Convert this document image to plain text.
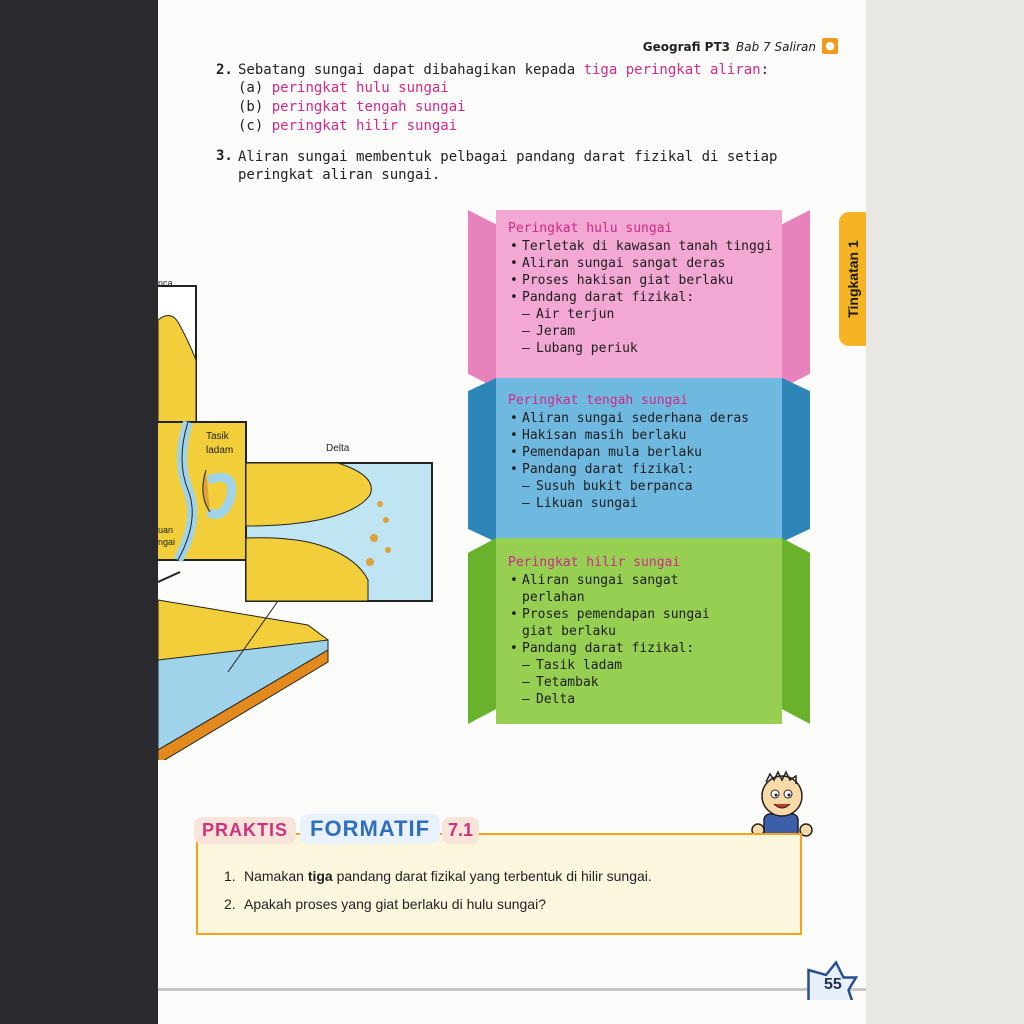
Geografi PT3 Bab 7 Saliran ●
2. Sebatang sungai dapat dibahagikan kepada tiga peringkat aliran:
(a) peringkat hulu sungai
(b) peringkat tengah sungai
(c) peringkat hilir sungai
3. Aliran sungai membentuk pelbagai pandang darat fizikal di setiap peringkat aliran sungai.
Tingkatan 1
nca
Tasik ladam	Delta
uan ngai
Peringkat hulu sungai
• Terletak di kawasan tanah tinggi
• Aliran sungai sangat deras
• Proses hakisan giat berlaku
• Pandang darat fizikal:
– Air terjun
– Jeram
– Lubang periuk
Peringkat tengah sungai
• Aliran sungai sederhana deras
• Hakisan masih berlaku
• Pemendapan mula berlaku
• Pandang darat fizikal:
– Susuh bukit berpanca
– Likuan sungai
Peringkat hilir sungai
• Aliran sungai sangat perlahan
• Proses pemendapan sungai giat berlaku
• Pandang darat fizikal:
– Tasik ladam
– Tetambak
– Delta
PRAKTIS FORMATIF 7.1
1. Namakan tiga pandang darat fizikal yang terbentuk di hilir sungai.
2. Apakah proses yang giat berlaku di hulu sungai?
55
